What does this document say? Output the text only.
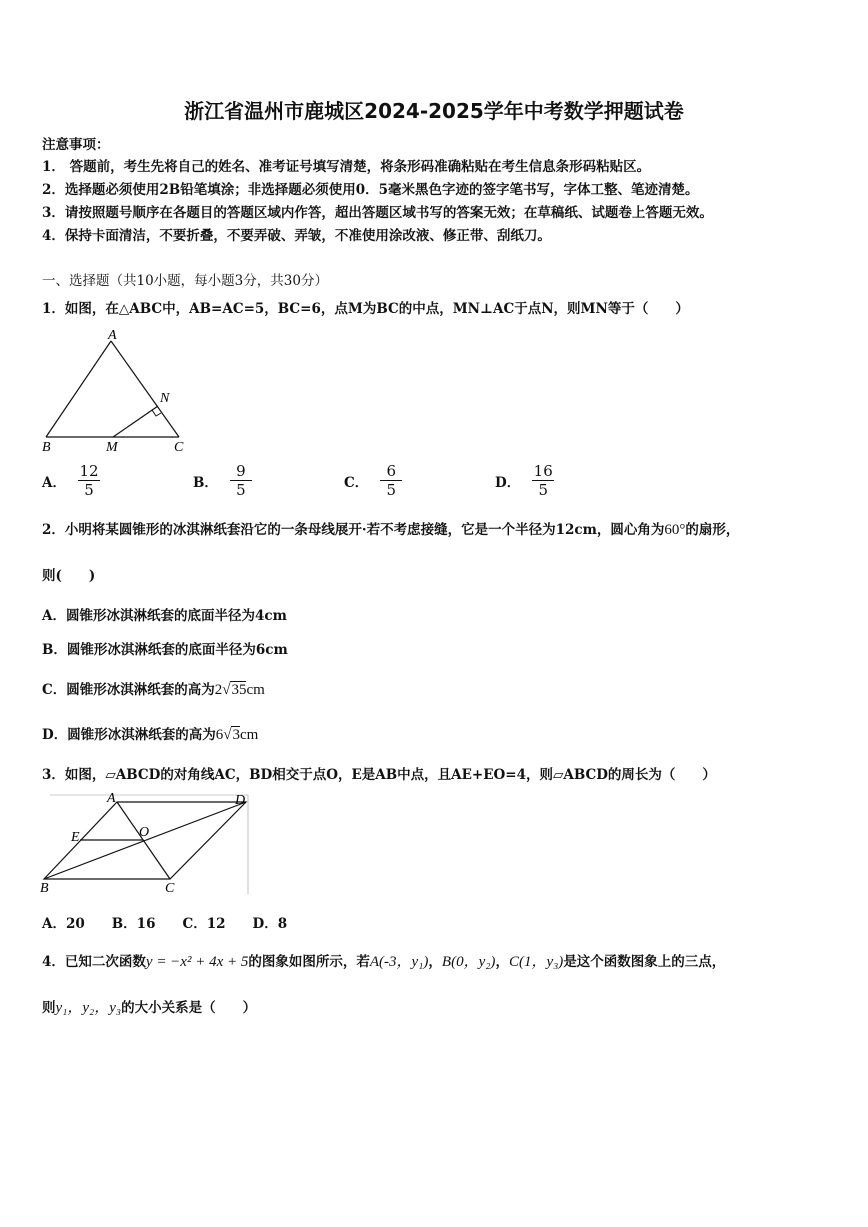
浙江省温州市鹿城区2024-2025学年中考数学押题试卷
注意事项：
1． 答题前，考生先将自己的姓名、准考证号填写清楚，将条形码准确粘贴在考生信息条形码粘贴区。
2．选择题必须使用2B铅笔填涂；非选择题必须使用0．5毫米黑色字迹的签字笔书写，字体工整、笔迹清楚。
3．请按照题号顺序在各题目的答题区域内作答，超出答题区域书写的答案无效；在草稿纸、试题卷上答题无效。
4．保持卡面清洁，不要折叠，不要弄破、弄皱，不准使用涂改液、修正带、刮纸刀。
一、选择题（共10小题，每小题3分，共30分）
1．如图，在△ABC中，AB=AC=5，BC=6，点M为BC的中点，MN⊥AC于点N，则MN等于（　　）
A
B	M	C
N
A． $\frac{12}{5}$	B． $\frac{9}{5}$	C． $\frac{6}{5}$	D． $\frac{16}{5}$
2．小明将某圆锥形的冰淇淋纸套沿它的一条母线展开·若不考虑接缝，它是一个半径为12cm，圆心角为60°的扇形，
则(　　)
A．圆锥形冰淇淋纸套的底面半径为4cm
B．圆锥形冰淇淋纸套的底面半径为6cm
C．圆锥形冰淇淋纸套的高为2√35cm
D．圆锥形冰淇淋纸套的高为6√3cm
3．如图，▱ABCD的对角线AC，BD相交于点O，E是AB中点，且AE+EO=4，则▱ABCD的周长为（　　）
A	D
E	O
B	C
A．20　　B．16　　C．12　　D．8
4．已知二次函数y = −x² + 4x + 5的图象如图所示，若A(-3，y₁)，B(0，y₂)，C(1，y₃)是这个函数图象上的三点，
则y₁，y₂，y₃的大小关系是（　　）
